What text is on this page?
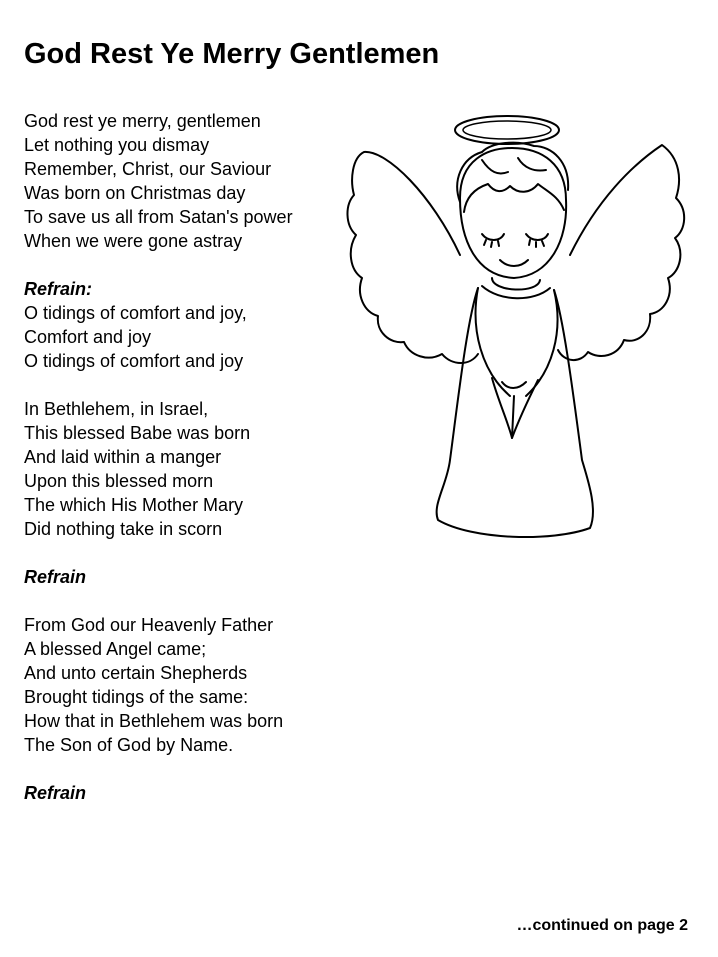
God Rest Ye Merry Gentlemen

God rest ye merry, gentlemen
Let nothing you dismay
Remember, Christ, our Saviour
Was born on Christmas day
To save us all from Satan's power
When we were gone astray

Refrain:
O tidings of comfort and joy,
Comfort and joy
O tidings of comfort and joy

In Bethlehem, in Israel,
This blessed Babe was born
And laid within a manger
Upon this blessed morn
The which His Mother Mary
Did nothing take in scorn

Refrain

From God our Heavenly Father
A blessed Angel came;
And unto certain Shepherds
Brought tidings of the same:
How that in Bethlehem was born
The Son of God by Name.

Refrain

…continued on page 2
